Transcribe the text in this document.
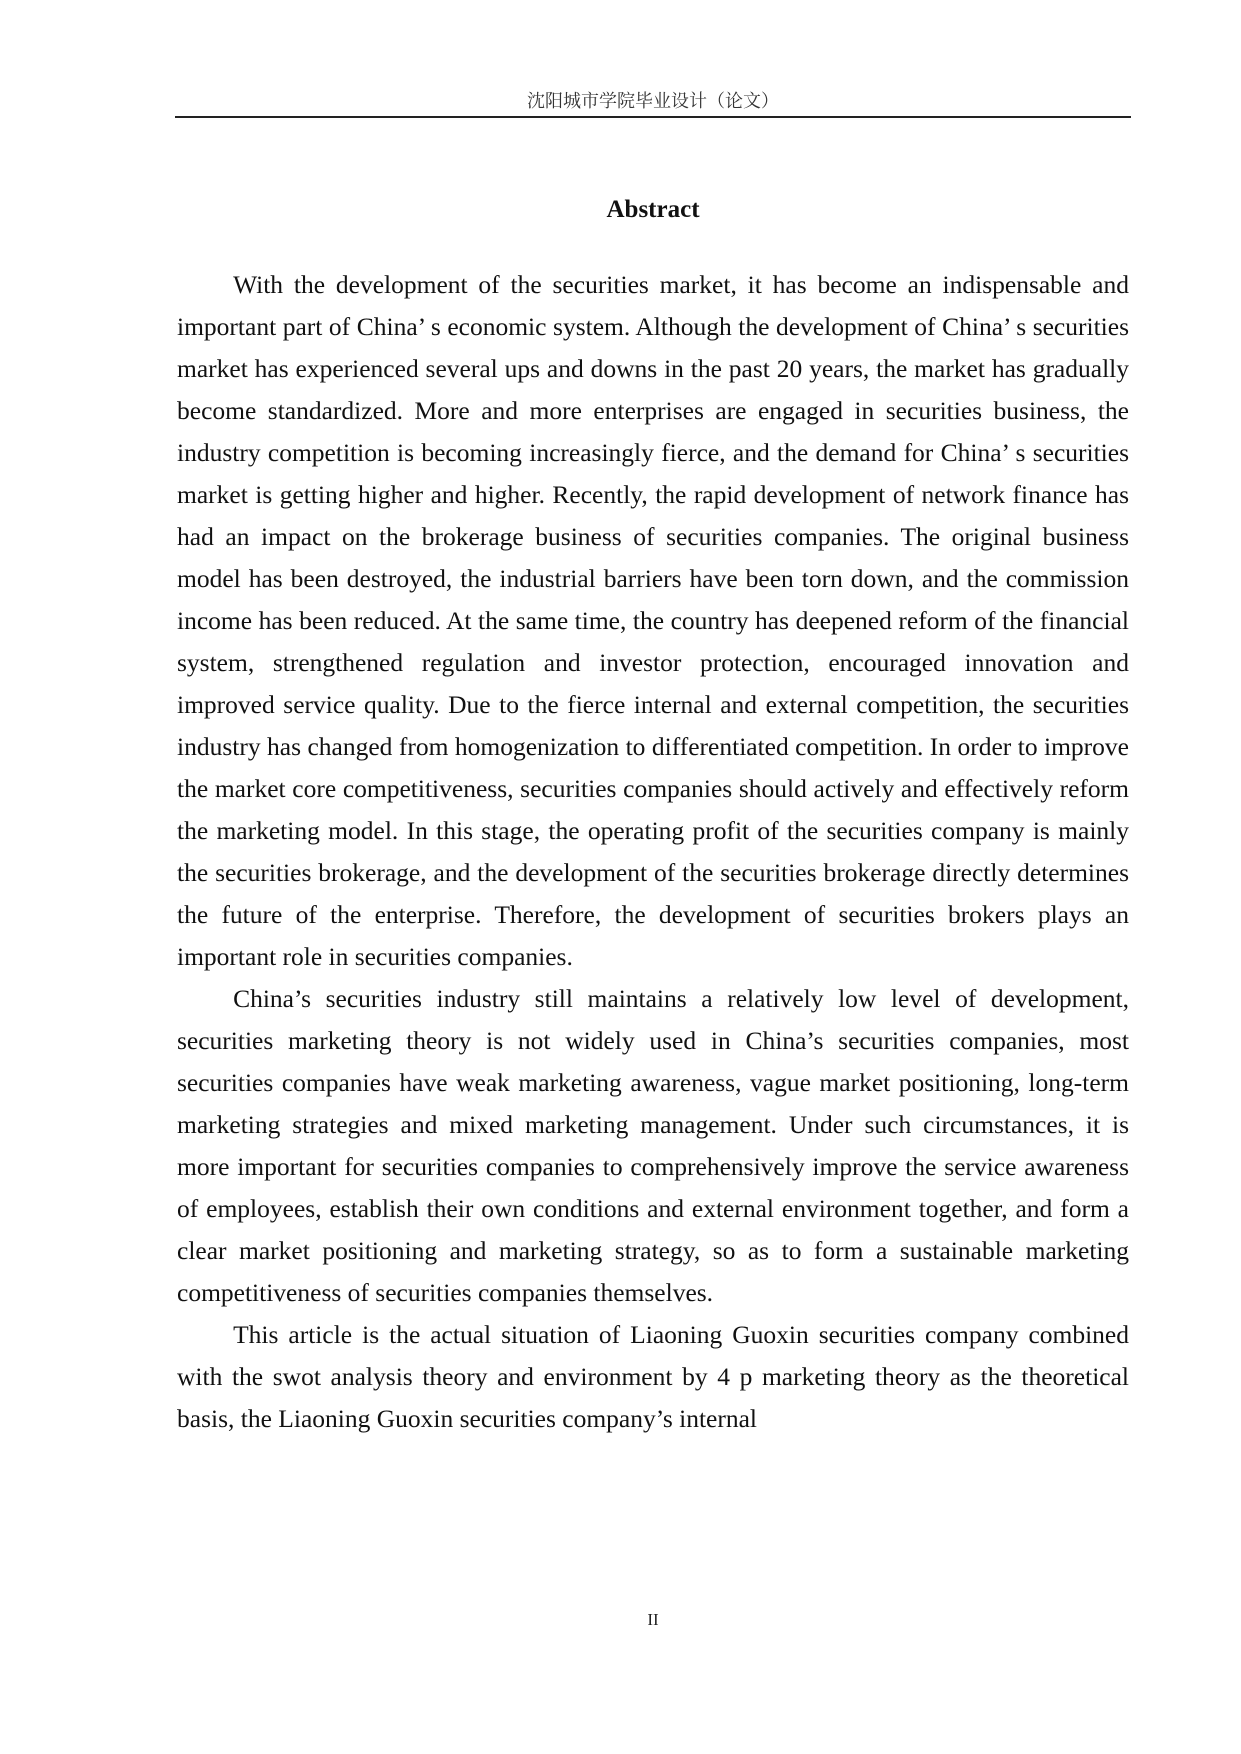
沈阳城市学院毕业设计（论文）
Abstract

With the development of the securities market, it has become an indispensable and important part of China’ s economic system. Although the development of China’ s securities market has experienced several ups and downs in the past 20 years, the market has gradually become standardized. More and more enterprises are engaged in securities business, the industry competition is becoming increasingly fierce, and the demand for China’ s securities market is getting higher and higher. Recently, the rapid development of network finance has had an impact on the brokerage business of securities companies. The original business model has been destroyed, the industrial barriers have been torn down, and the commission income has been reduced. At the same time, the country has deepened reform of the financial system, strengthened regulation and investor protection, encouraged innovation and improved service quality. Due to the fierce internal and external competition, the securities industry has changed from homogenization to differentiated competition. In order to improve the market core competitiveness, securities companies should actively and effectively reform the marketing model. In this stage, the operating profit of the securities company is mainly the securities brokerage, and the development of the securities brokerage directly determines the future of the enterprise. Therefore, the development of securities brokers plays an important role in securities companies.

China’s securities industry still maintains a relatively low level of development, securities marketing theory is not widely used in China’s securities companies, most securities companies have weak marketing awareness, vague market positioning, long-term marketing strategies and mixed marketing management. Under such circumstances, it is more important for securities companies to comprehensively improve the service awareness of employees, establish their own conditions and external environment together, and form a clear market positioning and marketing strategy, so as to form a sustainable marketing competitiveness of securities companies themselves.

This article is the actual situation of Liaoning Guoxin securities company combined with the swot analysis theory and environment by 4 p marketing theory as the theoretical basis, the Liaoning Guoxin securities company’s internal

II
